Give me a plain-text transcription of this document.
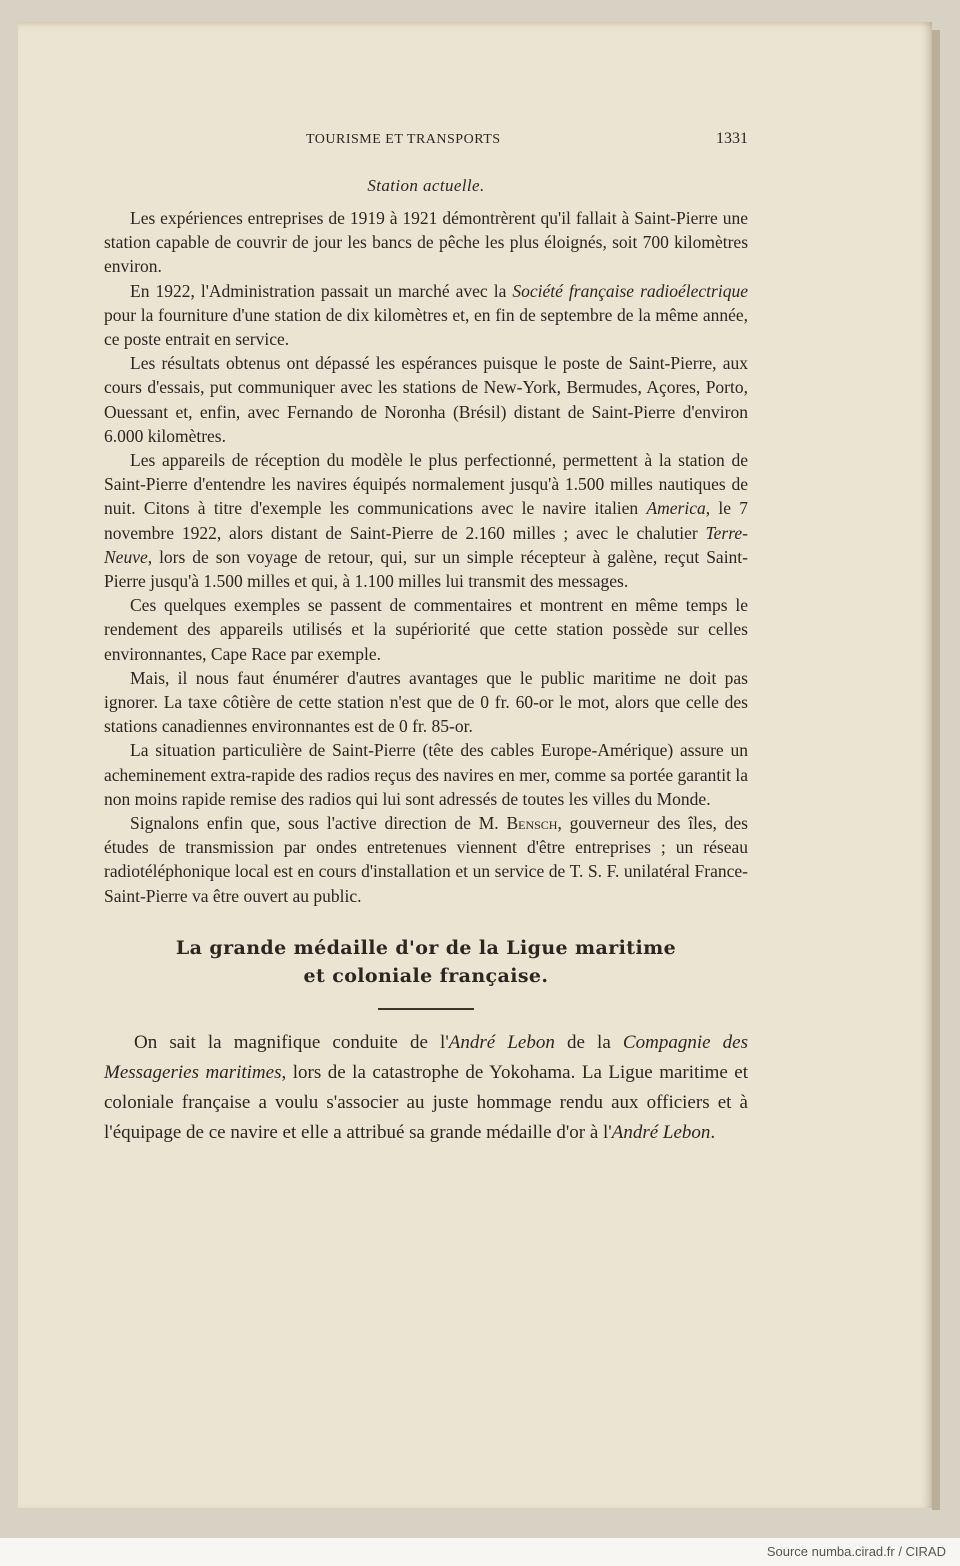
TOURISME ET TRANSPORTS	1331
Station actuelle.

Les expériences entreprises de 1919 à 1921 démontrèrent qu'il fallait à Saint-Pierre une station capable de couvrir de jour les bancs de pêche les plus éloignés, soit 700 kilomètres environ.

En 1922, l'Administration passait un marché avec la Société française radioélectrique pour la fourniture d'une station de dix kilomètres et, en fin de septembre de la même année, ce poste entrait en service.

Les résultats obtenus ont dépassé les espérances puisque le poste de Saint-Pierre, aux cours d'essais, put communiquer avec les stations de New-York, Bermudes, Açores, Porto, Ouessant et, enfin, avec Fernando de Noronha (Brésil) distant de Saint-Pierre d'environ 6.000 kilomètres.

Les appareils de réception du modèle le plus perfectionné, permettent à la station de Saint-Pierre d'entendre les navires équipés normalement jusqu'à 1.500 milles nautiques de nuit. Citons à titre d'exemple les communications avec le navire italien America, le 7 novembre 1922, alors distant de Saint-Pierre de 2.160 milles ; avec le chalutier Terre-Neuve, lors de son voyage de retour, qui, sur un simple récepteur à galène, reçut Saint-Pierre jusqu'à 1.500 milles et qui, à 1.100 milles lui transmit des messages.

Ces quelques exemples se passent de commentaires et montrent en même temps le rendement des appareils utilisés et la supériorité que cette station possède sur celles environnantes, Cape Race par exemple.

Mais, il nous faut énumérer d'autres avantages que le public maritime ne doit pas ignorer. La taxe côtière de cette station n'est que de 0 fr. 60-or le mot, alors que celle des stations canadiennes environnantes est de 0 fr. 85-or.

La situation particulière de Saint-Pierre (tête des cables Europe-Amérique) assure un acheminement extra-rapide des radios reçus des navires en mer, comme sa portée garantit la non moins rapide remise des radios qui lui sont adressés de toutes les villes du Monde.

Signalons enfin que, sous l'active direction de M. Bensch, gouverneur des îles, des études de transmission par ondes entretenues viennent d'être entreprises ; un réseau radiotéléphonique local est en cours d'installation et un service de T. S. F. unilatéral France-Saint-Pierre va être ouvert au public.

La grande médaille d'or de la Ligue maritime
et coloniale française.

On sait la magnifique conduite de l'André Lebon de la Compagnie des Messageries maritimes, lors de la catastrophe de Yokohama. La Ligue maritime et coloniale française a voulu s'associer au juste hommage rendu aux officiers et à l'équipage de ce navire et elle a attribué sa grande médaille d'or à l'André Lebon.

Source numba.cirad.fr / CIRAD
